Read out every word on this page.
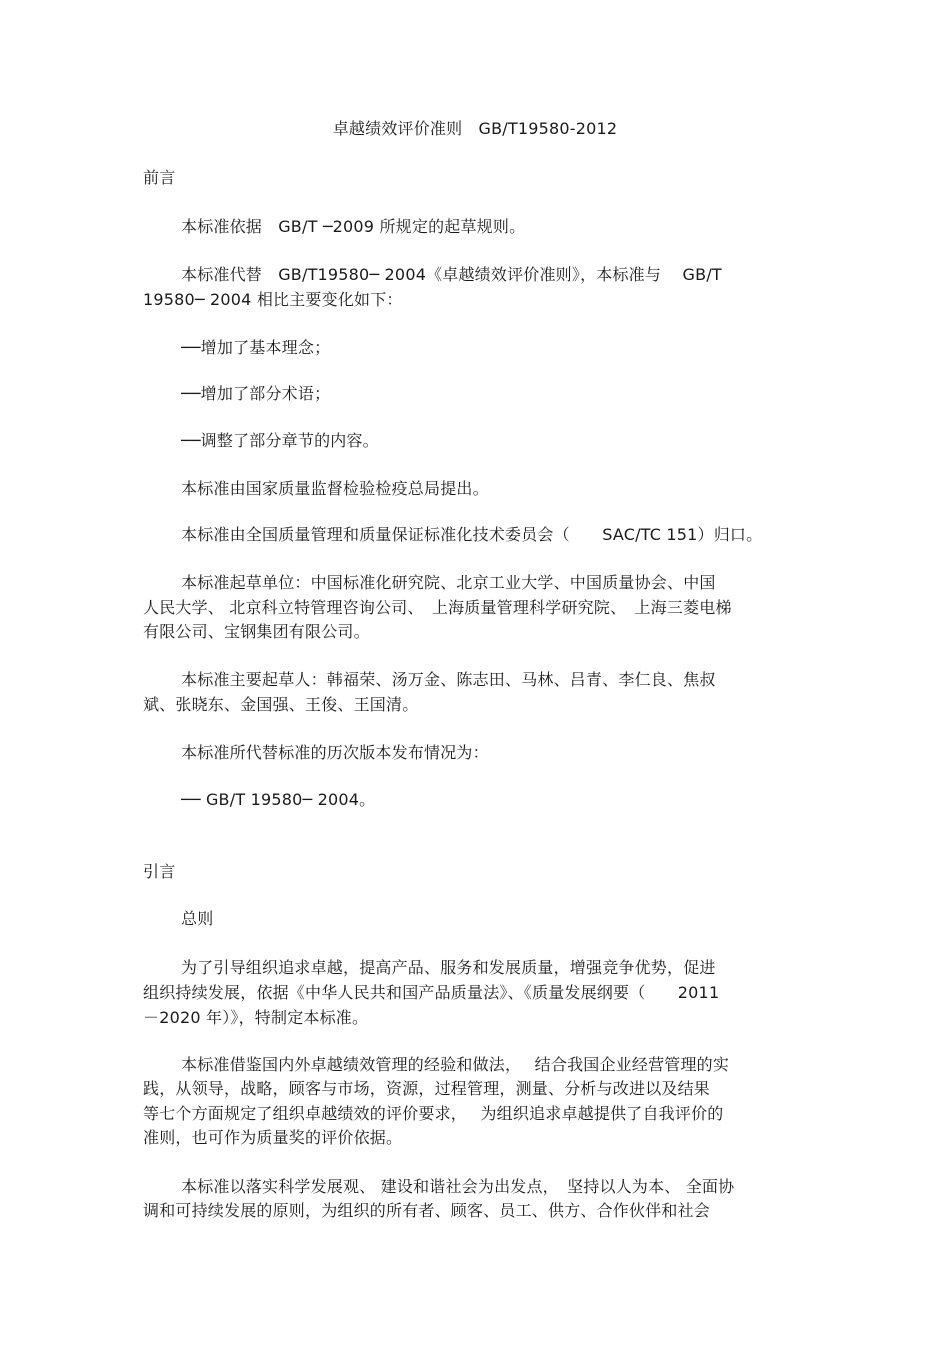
卓越绩效评价准则　GB/T19580-2012
前言
本标准依据　GB/T ─2009 所规定的起草规则。
本标准代替　GB/T19580─ 2004《卓越绩效评价准则》，本标准与　 GB/T
19580─ 2004 相比主要变化如下：
──增加了基本理念；
──增加了部分术语；
──调整了部分章节的内容。
本标准由国家质量监督检验检疫总局提出。
本标准由全国质量管理和质量保证标准化技术委员会（　　SAC/TC 151）归口。
本标准起草单位：中国标准化研究院、北京工业大学、中国质量协会、中国
人民大学、 北京科立特管理咨询公司、　上海质量管理科学研究院、　上海三菱电梯
有限公司、宝钢集团有限公司。
本标准主要起草人：韩福荣、汤万金、陈志田、马林、吕青、李仁良、焦叔
斌、张晓东、金国强、王俊、王国清。
本标准所代替标准的历次版本发布情况为：
── GB/T 19580─ 2004。
引言
总则
为了引导组织追求卓越，提高产品、服务和发展质量，增强竞争优势，促进
组织持续发展，依据《中华人民共和国产品质量法》、《质量发展纲要（　　2011
－2020 年）》，特制定本标准。
本标准借鉴国内外卓越绩效管理的经验和做法，　 结合我国企业经营管理的实
践，从领导，战略，顾客与市场，资源，过程管理，测量、分析与改进以及结果
等七个方面规定了组织卓越绩效的评价要求，　 为组织追求卓越提供了自我评价的
准则，也可作为质量奖的评价依据。
本标准以落实科学发展观、 建设和谐社会为出发点，　坚持以人为本、 全面协
调和可持续发展的原则，为组织的所有者、顾客、员工、供方、合作伙伴和社会
